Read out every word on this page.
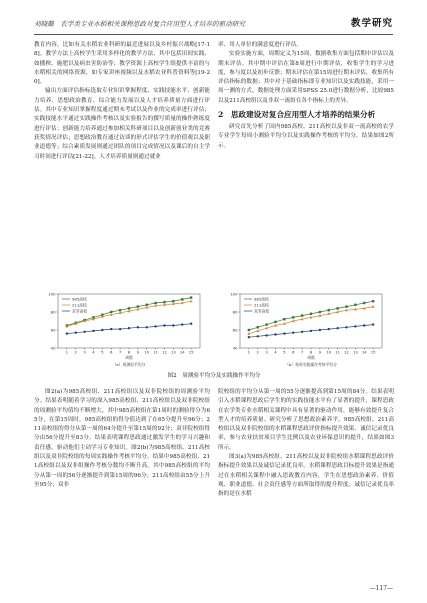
刘晓璐　农学类专业水稻相关课程思政对复合应用型人才培养的驱动研究	教学研究

教育内容，比如有关水稻农业科研的最近进展以及乡村振兴战略[17-18]。教学方法上高校学生采用多样化的教学方法，其中包括田间实践、如播秧、施肥以及病虫害防治等；教学资源上高校学生组提供丰富的与水稻相关的网络资源，如专家讲座视频以及水稻农业科普资料等[19-20]。

输出方面评估指标选取专业知识掌握程度、实践技能水平、创新能力培养、思想政治教育、综合能力发展以及人才培养质量方面进行评估。其中专业知识掌握程度通过期末考试以及作业的完成率进行评估；实践技能水平通过实践操作考核以及实验报告的撰写质量的操作熟练度进行评估；创新能力培养通过参加相关科研项目以及创新创业类的竞赛获奖情况评估；思想政治教育通过访谈的形式评估学生的价值观以及职业道德等；综合素质发展则通过团队的项目完成情况以及课后的自主学习时间进行评估[21-22]。人才培养质量则通过就业

率、用人单位的满意度进行评估。

实验实施方面，周期定义为15周，数据收集方面包括期中评估以及期末评估。其中期中评估在第8周进行中期评估，收集学生的学习进度，参与度以及初步反馈；期末评估在第15周进行期末评估，收集所有评估指标的数据；其中对于基础指标即专业知识以及实践技能，采用一周一测的方式。数据处理方面采用SPSS 25.0进行数据分析，比较985以及211高校组以及非双一流组在各个指标上的差异。

2　思政建设对复合应用型人才培养的结果分析

研究首先分析了国内985高校、211高校以及非双一流高校的农学专业学生每周小测验平均分以及实践操作考核的平均分，结果如图2所示。

40
60
80
100
1 2 3 4 5 6 7 8 9 10 11 12 13 14 15
周数
（a）周测验平均分
985高校
211高校
双非高校
40
60
80
100
1 2 3 4 5 6 7 8 9 10 11 12 13 14 15
周数
（b）每周实践操作考核平均分
985高校
211高校
双非高校
图2　周测验平均分及实践操作平均分

图2(a)为985高校组、211高校组以及双非院校组的周测验平均分。结果表明随着学习的深入985高校组、211高校组以及双非院校组的周测验平均值均不断增大。其中985高校组在第1周时的测验得分为65分，在第15周时，985高校组的得分值达到了在65分提升至96分；211高校组的得分从第一周的64分提升至第15周的92分；双非院校组得分由56分提升至83分。结果表明课程思政通过激发学生的学习兴趣和责任感，驱动他们主动学习专业知识。图2(b)为985高校组、211高校组以及双非院校组的每周实践操作考核平均分。结果中985高校组、211高校组以及双非组操作考核分数均不断升高。其中985高校组的平均分从第一周的56分逐渐提升到第15周的96分；211高校组由55分上升至95分；双非

院校组的平均分从第一周的55分逐渐提高到第15周的84分。结果表明引入水稻课程思政后学生的的实践技能水平有了显著的提升，课程思政在农学类专业水稻相关课程中具有显著的驱动作用，能够有效提升复合型人才的培养质量。研究分析了思想政治素养平，985高校组、211高校组以及双非院校组的水稻课程思政评价指标提升效果、诚信记录优良率，参与农业扶贫项目学生比例以及农业环保意识的提升，结果如图3所示。

图3(a)为985高校组、211高校以及双非院校组水稻课程思政评价指标提升效果以及诚信记录优良率。水稻课程思政目标提升效果是指通过在水稻相关课程中融入思政教育内容，学生在思想政治素养、价值观、职业道德、社会责任感等方面所取得的提升程度；诚信记录优良率指的是在水稻

—117—
